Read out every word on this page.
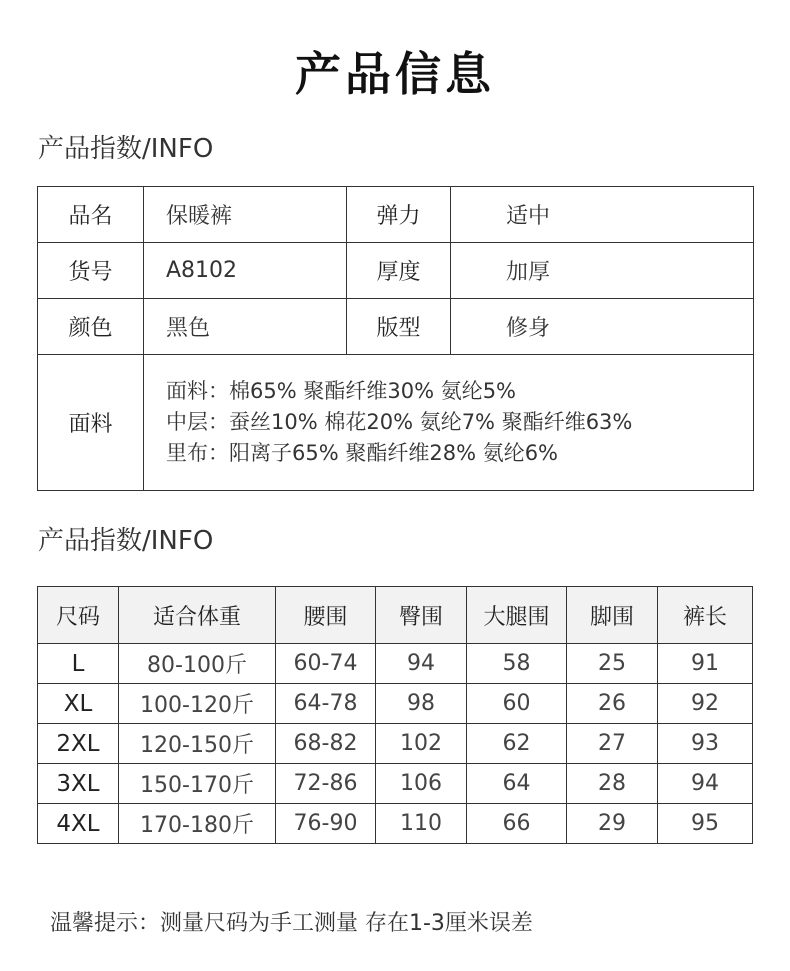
产品信息
产品指数/INFO
品名	保暖裤	弹力	适中
货号	A8102	厚度	加厚
颜色	黑色	版型	修身
面料	面料：棉65% 聚酯纤维30% 氨纶5%
中层：蚕丝10% 棉花20% 氨纶7% 聚酯纤维63%
里布：阳离子65% 聚酯纤维28% 氨纶6%		
产品指数/INFO
尺码	适合体重	腰围	臀围	大腿围	脚围	裤长
L	80-100斤	60-74	94	58	25	91
XL	100-120斤	64-78	98	60	26	92
2XL	120-150斤	68-82	102	62	27	93
3XL	150-170斤	72-86	106	64	28	94
4XL	170-180斤	76-90	110	66	29	95
温馨提示：测量尺码为手工测量 存在1-3厘米误差
